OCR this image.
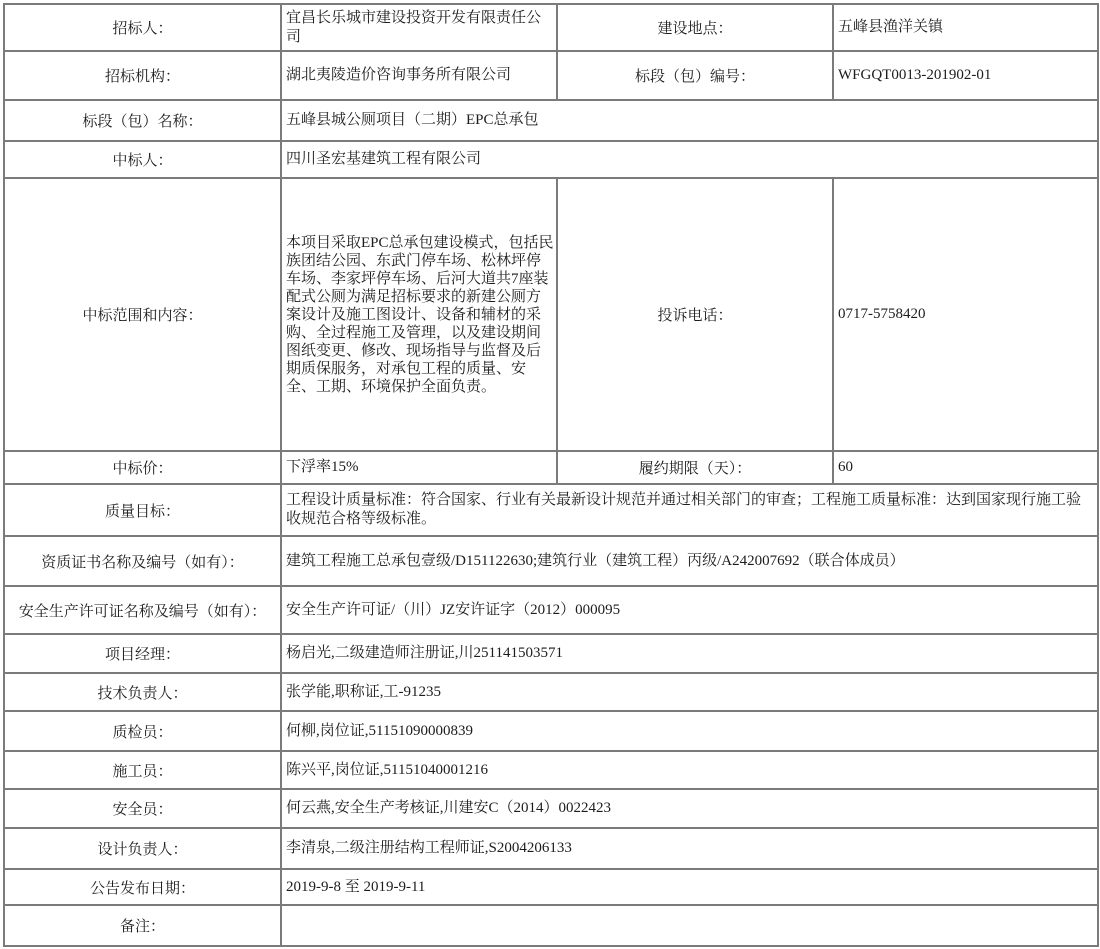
招标人：	宜昌长乐城市建设投资开发有限责任公司	建设地点：	五峰县渔洋关镇
招标机构：	湖北夷陵造价咨询事务所有限公司	标段（包）编号：	WFGQT0013-201902-01
标段（包）名称：	五峰县城公厕项目（二期）EPC总承包		
中标人：	四川圣宏基建筑工程有限公司		
中标范围和内容：	本项目采取EPC总承包建设模式，包括民族团结公园、东武门停车场、松林坪停车场、李家坪停车场、后河大道共7座装配式公厕为满足招标要求的新建公厕方案设计及施工图设计、设备和辅材的采购、全过程施工及管理，以及建设期间图纸变更、修改、现场指导与监督及后期质保服务，对承包工程的质量、安全、工期、环境保护全面负责。	投诉电话：	0717-5758420
中标价：	下浮率15%	履约期限（天）：	60
质量目标：	工程设计质量标准：符合国家、行业有关最新设计规范并通过相关部门的审查；工程施工质量标准：达到国家现行施工验收规范合格等级标准。		
资质证书名称及编号（如有）：	建筑工程施工总承包壹级/D151122630;建筑行业（建筑工程）丙级/A242007692（联合体成员）		
安全生产许可证名称及编号（如有）：	安全生产许可证/（川）JZ安许证字（2012）000095		
项目经理：	杨启光,二级建造师注册证,川251141503571		
技术负责人：	张学能,职称证,工-91235		
质检员：	何柳,岗位证,51151090000839		
施工员：	陈兴平,岗位证,51151040001216		
安全员：	何云燕,安全生产考核证,川建安C（2014）0022423		
设计负责人：	李清泉,二级注册结构工程师证,S2004206133		
公告发布日期：	2019-9-8 至 2019-9-11		
备注：			
